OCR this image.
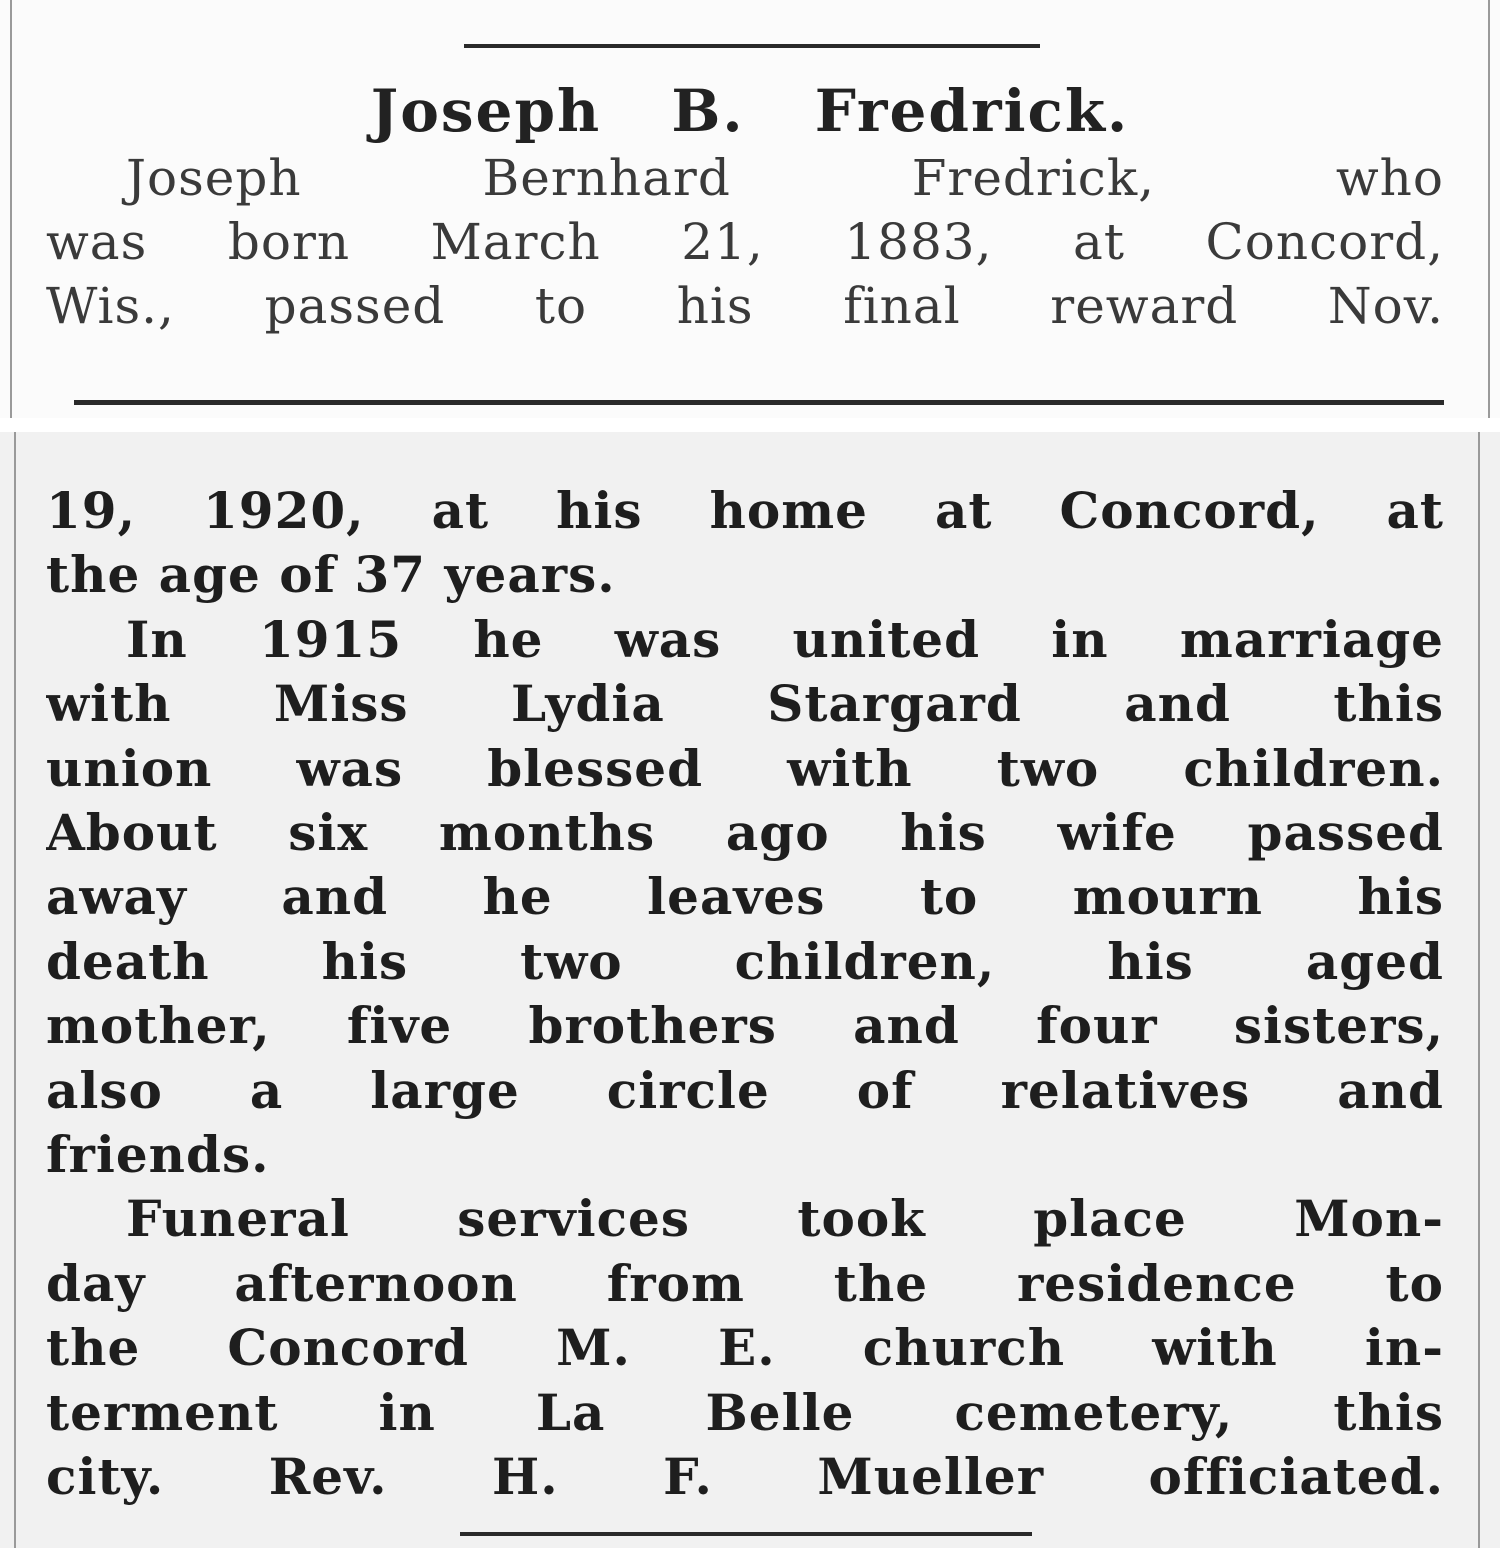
Joseph B. Fredrick.
Joseph Bernhard Fredrick, who
was born March 21, 1883, at Concord,
Wis., passed to his final reward Nov.
19, 1920, at his home at Concord, at
the age of 37 years.
In 1915 he was united in marriage
with Miss Lydia Stargard and this
union was blessed with two children.
About six months ago his wife passed
away and he leaves to mourn his
death his two children, his aged
mother, five brothers and four sisters,
also a large circle of relatives and
friends.
Funeral services took place Mon-
day afternoon from the residence to
the Concord M. E. church with in-
terment in La Belle cemetery, this
city. Rev. H. F. Mueller officiated.
